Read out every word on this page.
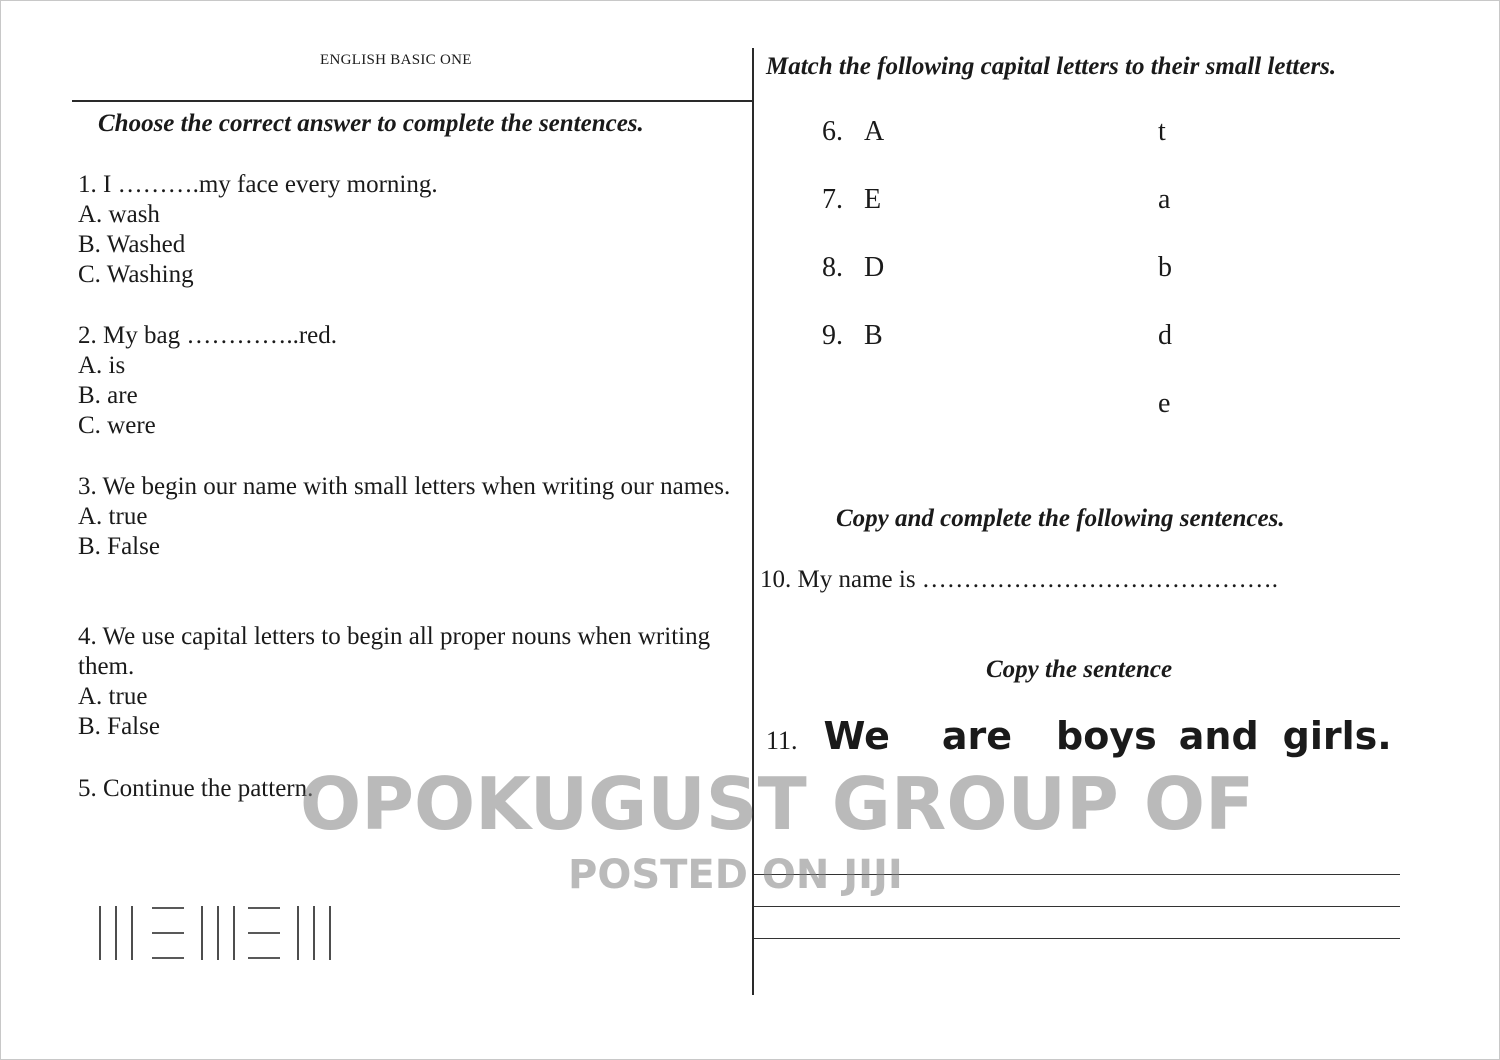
ENGLISH BASIC ONE
Choose the correct answer to complete the sentences.
1. I ……….my face every morning.
A. wash
B. Washed
C. Washing
2. My bag …………..red.
A. is
B. are
C. were
3. We begin our name with small letters when writing our names.
A. true
B. False
4. We use capital letters to begin all proper nouns when writing them.
A. true
B. False
5. Continue the pattern.
Match the following capital letters to their small letters.
6. A
7. E
8. D
9. B
t
a
b
d
e
Copy and complete the following sentences.
10. My name is …………………………………….
Copy the sentence
11. We are boys and girls.
OPOKUGUST GROUP OF
POSTED ON JIJI
